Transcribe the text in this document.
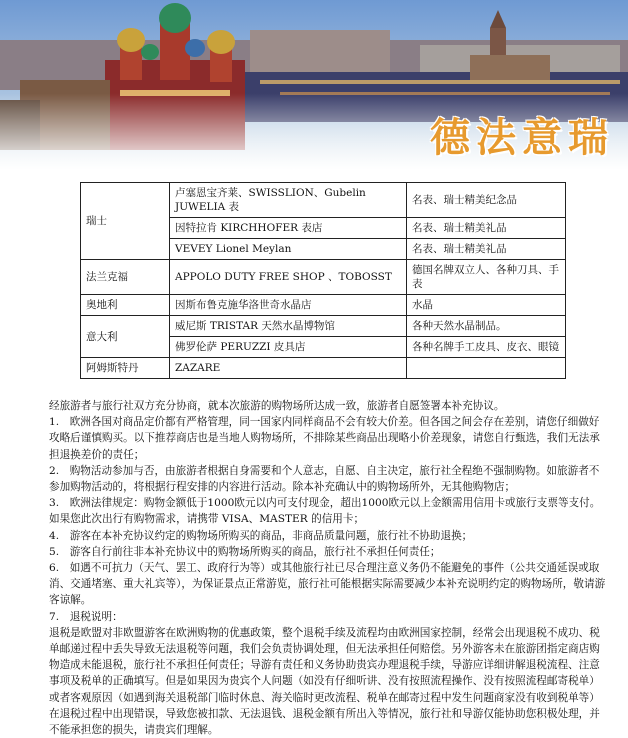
德法意瑞
瑞士	卢塞恩宝齐莱、SWISSLION、Gubelin JUWELIA 表	名表、瑞士精美纪念品
	因特拉肯 KIRCHHOFER 表店	名表、瑞士精美礼品
	VEVEY Lionel Meylan	名表、瑞士精美礼品
法兰克福	APPOLO DUTY FREE SHOP 、TOBOSST	德国名牌双立人、各种刀具、手表
奥地利	因斯布鲁克施华洛世奇水晶店	水晶
意大利	威尼斯 TRISTAR 天然水晶博物馆	各种天然水晶制品。
	佛罗伦萨 PERUZZI 皮具店	各种名牌手工皮具、皮衣、眼镜
阿姆斯特丹	ZAZARE	

经旅游者与旅行社双方充分协商，就本次旅游的购物场所达成一致，旅游者自愿签署本补充协议。

1.　欧洲各国对商品定价都有严格管理，同一国家内同样商品不会有较大价差。但各国之间会存在差别，请您仔细做好攻略后谨慎购买。以下推荐商店也是当地人购物场所，不排除某些商品出现略小价差现象，请您自行甄选，我们无法承担退换差价的责任；

2.　购物活动参加与否，由旅游者根据自身需要和个人意志，自愿、自主决定，旅行社全程绝不强制购物。如旅游者不参加购物活动的，将根据行程安排的内容进行活动。除本补充确认中的购物场所外，无其他购物店；

3.　欧洲法律规定：购物金额低于1000欧元以内可支付现金，超出1000欧元以上金额需用信用卡或旅行支票等支付。如果您此次出行有购物需求，请携带 VISA、MASTER 的信用卡；

4.　游客在本补充协议约定的购物场所购买的商品，非商品质量问题，旅行社不协助退换；

5.　游客自行前往非本补充协议中的购物场所购买的商品，旅行社不承担任何责任；

6.　如遇不可抗力（天气、罢工、政府行为等）或其他旅行社已尽合理注意义务仍不能避免的事件（公共交通延误或取消、交通堵塞、重大礼宾等），为保证景点正常游览，旅行社可能根据实际需要减少本补充说明约定的购物场所，敬请游客谅解。

7.　退税说明：

退税是欧盟对非欧盟游客在欧洲购物的优惠政策，整个退税手续及流程均由欧洲国家控制，经常会出现退税不成功、税单邮递过程中丢失导致无法退税等问题，我们会负责协调处理，但无法承担任何赔偿。另外游客未在旅游团指定商店购物造成未能退税，旅行社不承担任何责任；导游有责任和义务协助贵宾办理退税手续，导游应详细讲解退税流程、注意事项及税单的正确填写。但是如果因为贵宾个人问题（如没有仔细听讲、没有按照流程操作、没有按照流程邮寄税单）或者客观原因（如遇到海关退税部门临时休息、海关临时更改流程、税单在邮寄过程中发生问题商家没有收到税单等）在退税过程中出现错误，导致您被扣款、无法退钱、退税金额有所出入等情况，旅行社和导游仅能协助您积极处理，并不能承担您的损失，请贵宾们理解。
